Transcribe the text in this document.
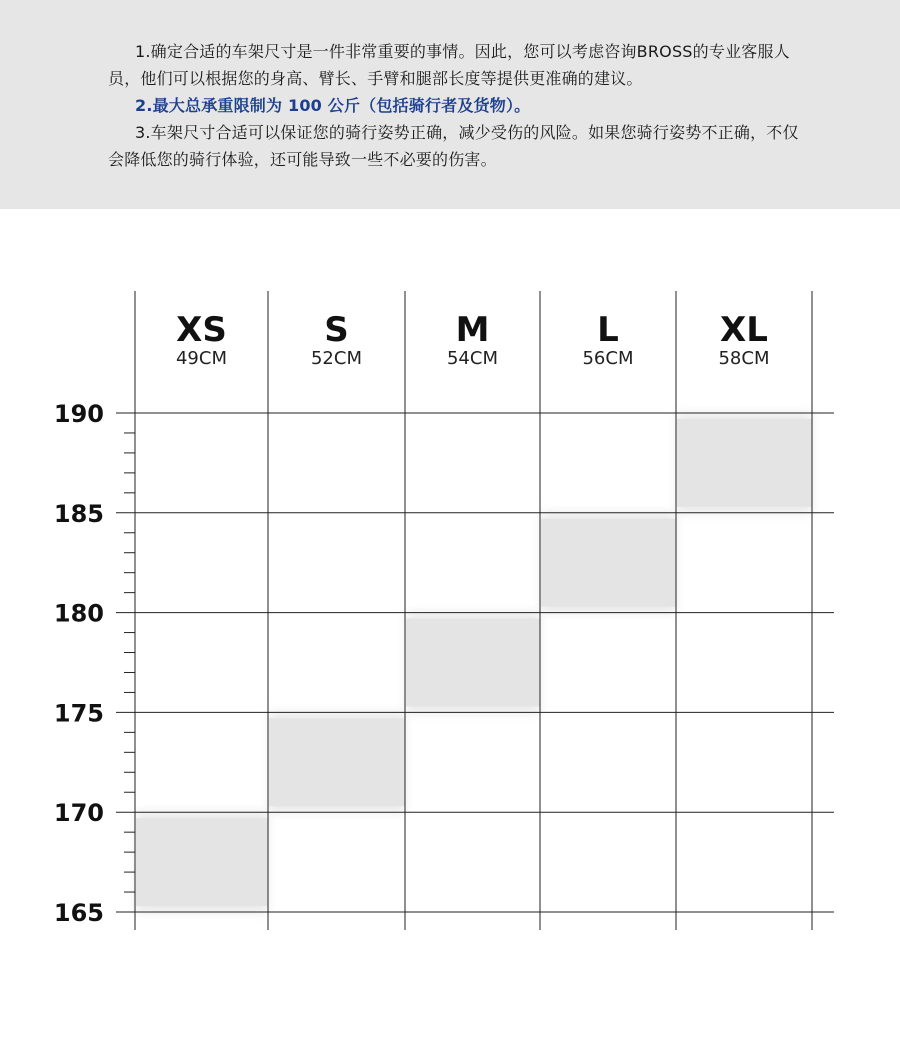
1.确定合适的车架尺寸是一件非常重要的事情。因此，您可以考虑咨询BROSS的专业客服人员，他们可以根据您的身高、臂长、手臂和腿部长度等提供更准确的建议。

2.最大总承重限制为 100 公斤（包括骑行者及货物）。

3.车架尺寸合适可以保证您的骑行姿势正确，减少受伤的风险。如果您骑行姿势不正确，不仅会降低您的骑行体验，还可能导致一些不必要的伤害。

165
170
175
180
185
190
XS
49CM
S
52CM
M
54CM
L
56CM
XL
58CM
